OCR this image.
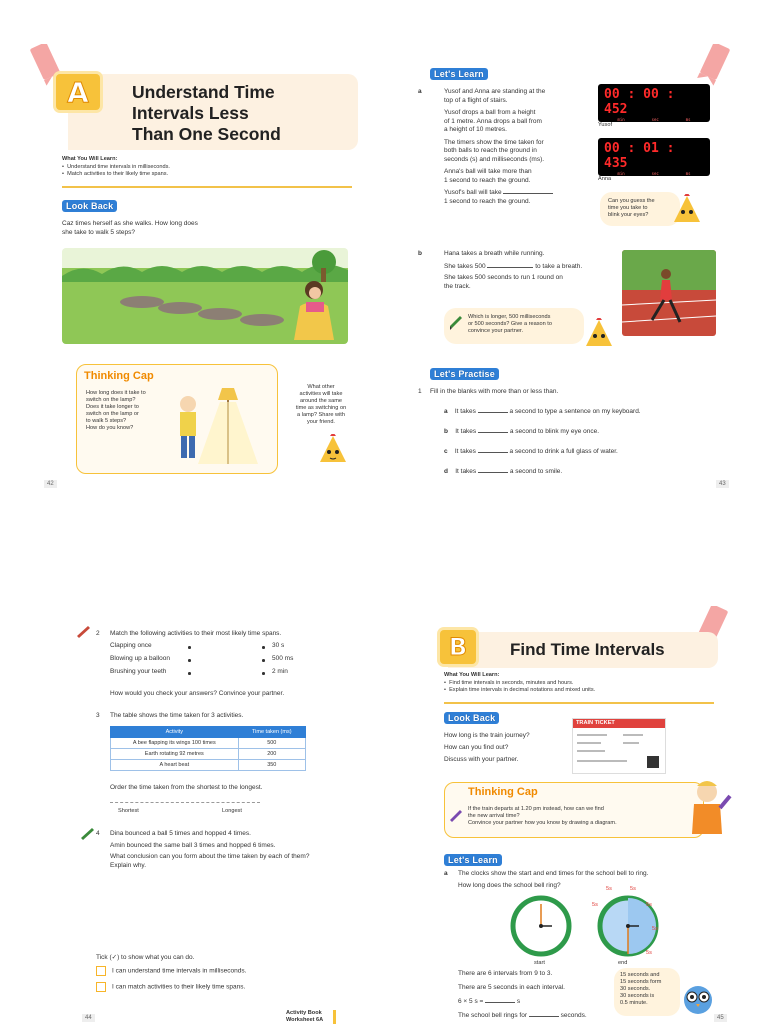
A Understand Time
Intervals Less
Than One Second
What You Will Learn:
•  Understand time intervals in milliseconds.
•  Match activities to their likely time spans.
Look Back
Caz times herself as she walks. How long does
she take to walk 5 steps?
Thinking Cap
How long does it take to
switch on the lamp?
Does it take longer to
switch on the lamp or
to walk 5 steps?
How do you know?
What other
activities will take
around the same
time as switching on
a lamp? Share with
your friend.
42
Let's Learn
a	Yusof and Anna are standing at the
top of a flight of stairs.
Yusof drops a ball from a height
of 1 metre. Anna drops a ball from
a height of 10 metres.
The timers show the time taken for
both balls to reach the ground in
seconds (s) and milliseconds (ms).
Anna's ball will take more than
1 second to reach the ground.
Yusof's ball will take
1 second to reach the ground.
00 : 00 : 452
min	sec	ms
Yusof
00 : 01 : 435
min	sec	ms
Anna
Can you guess the
time you take to
blink your eyes?
b	Hana takes a breath while running.
She takes 500	to take a breath.
She takes 500 seconds to run 1 round on
the track.
Which is longer, 500 milliseconds
or 500 seconds? Give a reason to
convince your partner.
Let's Practise
1 Fill in the blanks with more than or less than.
a It takes	a second to type a sentence on my keyboard.
b It takes	a second to blink my eye once.
c It takes	a second to drink a full glass of water.
d It takes	a second to smile.
43
2 Match the following activities to their most likely time spans.
Clapping once
Blowing up a balloon
Brushing your teeth
30 s
500 ms
2 min
How would you check your answers? Convince your partner.
3 The table shows the time taken for 3 activities.
Activity	Time taken (ms)
A bee flapping its wings 100 times	500
Earth rotating 92 metres	200
A heart beat	350
Order the time taken from the shortest to the longest.
Shortest	Longest
4 Dina bounced a ball 5 times and hopped 4 times.
Amin bounced the same ball 3 times and hopped 6 times.
What conclusion can you form about the time taken by each of them?
Explain why.
Tick (✓) to show what you can do.
I can understand time intervals in milliseconds.
I can match activities to their likely time spans.
Activity Book
Worksheet 6A
44
B	Find Time Intervals
What You Will Learn:
•  Find time intervals in seconds, minutes and hours.
•  Explain time intervals in decimal notations and mixed units.
Look Back
How long is the train journey?
How can you find out?
Discuss with your partner.
TRAIN TICKET
Thinking Cap
If the train departs at 1.20 pm instead, how can we find
the new arrival time?
Convince your partner how you know by drawing a diagram.
Let's Learn
a The clocks show the start and end times for the school bell to ring.
How long does the school bell ring?
start	end
5s	5s
5s
5s
5s
5s
There are 6 intervals from 9 to 3.
There are 5 seconds in each interval.
6 × 5 s =	s
The school bell rings for	seconds.
15 seconds and
15 seconds form
30 seconds.
30 seconds is
0.5 minute.
45
